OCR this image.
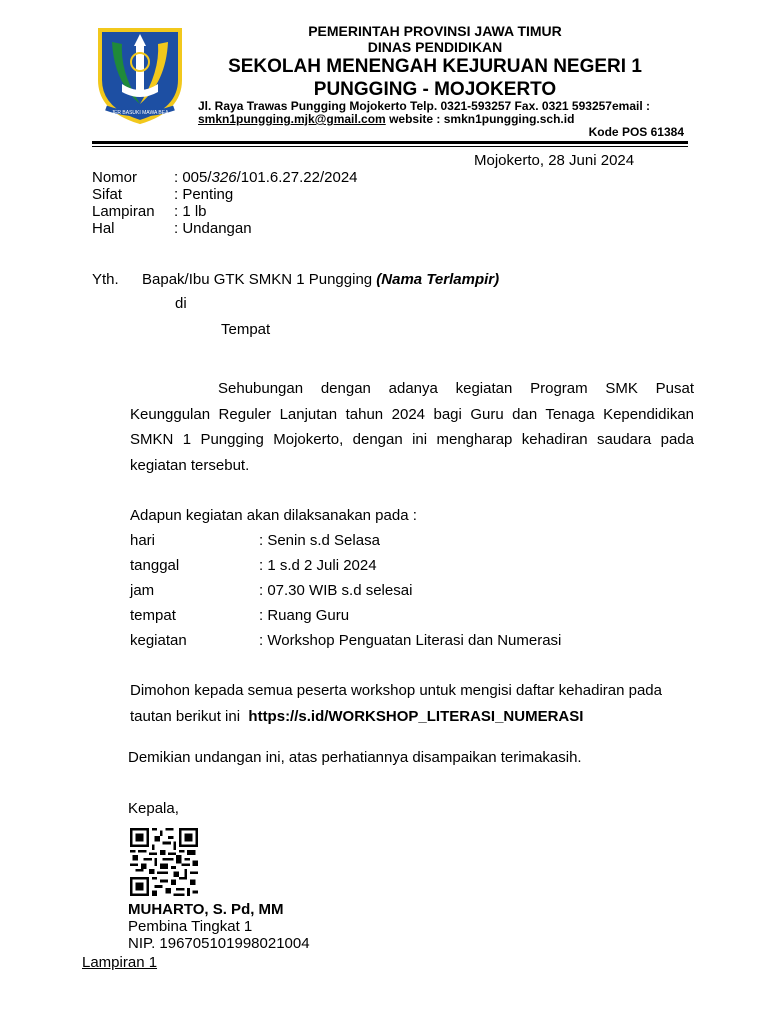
JER BASUKI MAWA BEA
PEMERINTAH PROVINSI JAWA TIMUR
DINAS PENDIDIKAN
SEKOLAH MENENGAH KEJURUAN NEGERI 1
PUNGGING - MOJOKERTO
Jl. Raya Trawas Pungging Mojokerto Telp. 0321-593257 Fax. 0321 593257email :
smkn1pungging.mjk@gmail.com website : smkn1pungging.sch.id
Kode POS 61384
Mojokerto, 28 Juni 2024
Nomor : 005/326/101.6.27.22/2024
Sifat	: Penting
Lampiran : 1 lb
Hal	: Undangan
Yth. Bapak/Ibu GTK SMKN 1 Pungging (Nama Terlampir)
di
Tempat
Sehubungan dengan adanya kegiatan Program SMK Pusat
Keunggulan Reguler Lanjutan tahun 2024 bagi Guru dan Tenaga Kependidikan
SMKN 1 Pungging Mojokerto, dengan ini mengharap kehadiran saudara pada
kegiatan tersebut.
Adapun kegiatan akan dilaksanakan pada :
hari	: Senin s.d Selasa
tanggal	: 1 s.d 2 Juli 2024
jam	: 07.30 WIB s.d selesai
tempat	: Ruang Guru
kegiatan	: Workshop Penguatan Literasi dan Numerasi
Dimohon kepada semua peserta workshop untuk mengisi daftar kehadiran pada
tautan berikut ini  https://s.id/WORKSHOP_LITERASI_NUMERASI
Demikian undangan ini, atas perhatiannya disampaikan terimakasih.
Kepala,
MUHARTO, S. Pd, MM
Pembina Tingkat 1
NIP. 196705101998021004
Lampiran 1
